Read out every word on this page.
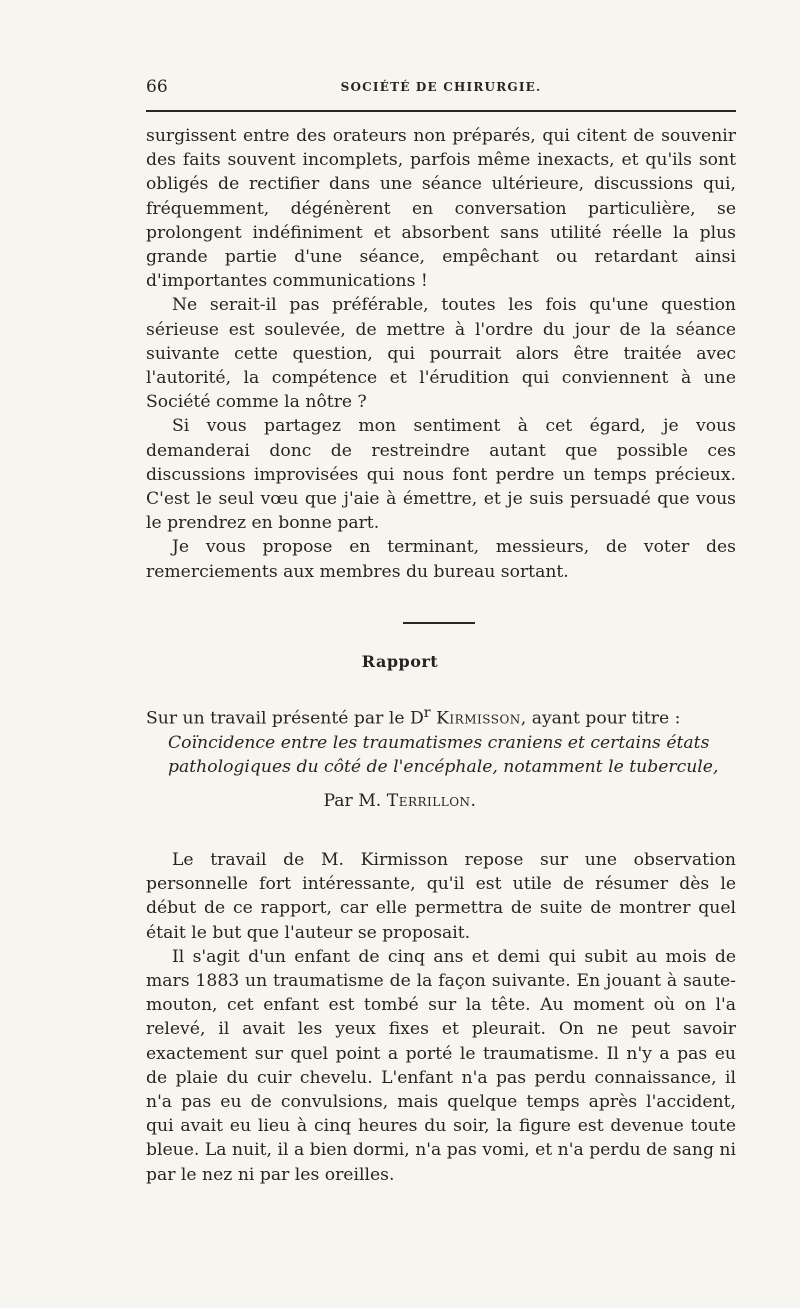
66	SOCIÉTÉ DE CHIRURGIE.

surgissent entre des orateurs non préparés, qui citent de souvenir des faits souvent incomplets, parfois même inexacts, et qu'ils sont obligés de rectifier dans une séance ultérieure, discussions qui, fréquemment, dégénèrent en conversation particulière, se prolongent indéfiniment et absorbent sans utilité réelle la plus grande partie d'une séance, empêchant ou retardant ainsi d'importantes communications !

Ne serait-il pas préférable, toutes les fois qu'une question sérieuse est soulevée, de mettre à l'ordre du jour de la séance suivante cette question, qui pourrait alors être traitée avec l'autorité, la compétence et l'érudition qui conviennent à une Société comme la nôtre ?

Si vous partagez mon sentiment à cet égard, je vous demanderai donc de restreindre autant que possible ces discussions improvisées qui nous font perdre un temps précieux. C'est le seul vœu que j'aie à émettre, et je suis persuadé que vous le prendrez en bonne part.

Je vous propose en terminant, messieurs, de voter des remerciements aux membres du bureau sortant.

Rapport

Sur un travail présenté par le $D^r$ Kirmisson, ayant pour titre :

Coïncidence entre les traumatismes craniens et certains états pathologiques du côté de l'encéphale, notamment le tubercule,

Par M. Terrillon.

Le travail de M. Kirmisson repose sur une observation personnelle fort intéressante, qu'il est utile de résumer dès le début de ce rapport, car elle permettra de suite de montrer quel était le but que l'auteur se proposait.

Il s'agit d'un enfant de cinq ans et demi qui subit au mois de mars 1883 un traumatisme de la façon suivante. En jouant à saute-mouton, cet enfant est tombé sur la tête. Au moment où on l'a relevé, il avait les yeux fixes et pleurait. On ne peut savoir exactement sur quel point a porté le traumatisme. Il n'y a pas eu de plaie du cuir chevelu. L'enfant n'a pas perdu connaissance, il n'a pas eu de convulsions, mais quelque temps après l'accident, qui avait eu lieu à cinq heures du soir, la figure est devenue toute bleue. La nuit, il a bien dormi, n'a pas vomi, et n'a perdu de sang ni par le nez ni par les oreilles.
